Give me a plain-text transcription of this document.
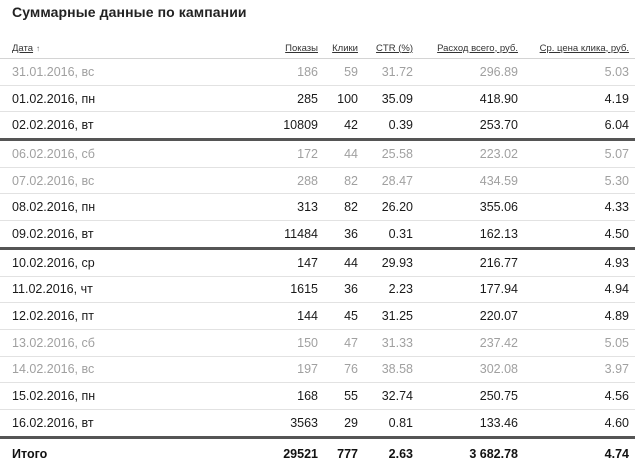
Суммарные данные по кампании
Дата ↑	Показы	Клики	CTR (%)	Расход всего, руб.	Ср. цена клика, руб.
31.01.2016, вс	186	59	31.72	296.89	5.03
01.02.2016, пн	285	100	35.09	418.90	4.19
02.02.2016, вт	10809	42	0.39	253.70	6.04
06.02.2016, сб	172	44	25.58	223.02	5.07
07.02.2016, вс	288	82	28.47	434.59	5.30
08.02.2016, пн	313	82	26.20	355.06	4.33
09.02.2016, вт	11484	36	0.31	162.13	4.50
10.02.2016, ср	147	44	29.93	216.77	4.93
11.02.2016, чт	1615	36	2.23	177.94	4.94
12.02.2016, пт	144	45	31.25	220.07	4.89
13.02.2016, сб	150	47	31.33	237.42	5.05
14.02.2016, вс	197	76	38.58	302.08	3.97
15.02.2016, пн	168	55	32.74	250.75	4.56
16.02.2016, вт	3563	29	0.81	133.46	4.60
Итого	29521	777	2.63	3 682.78	4.74
